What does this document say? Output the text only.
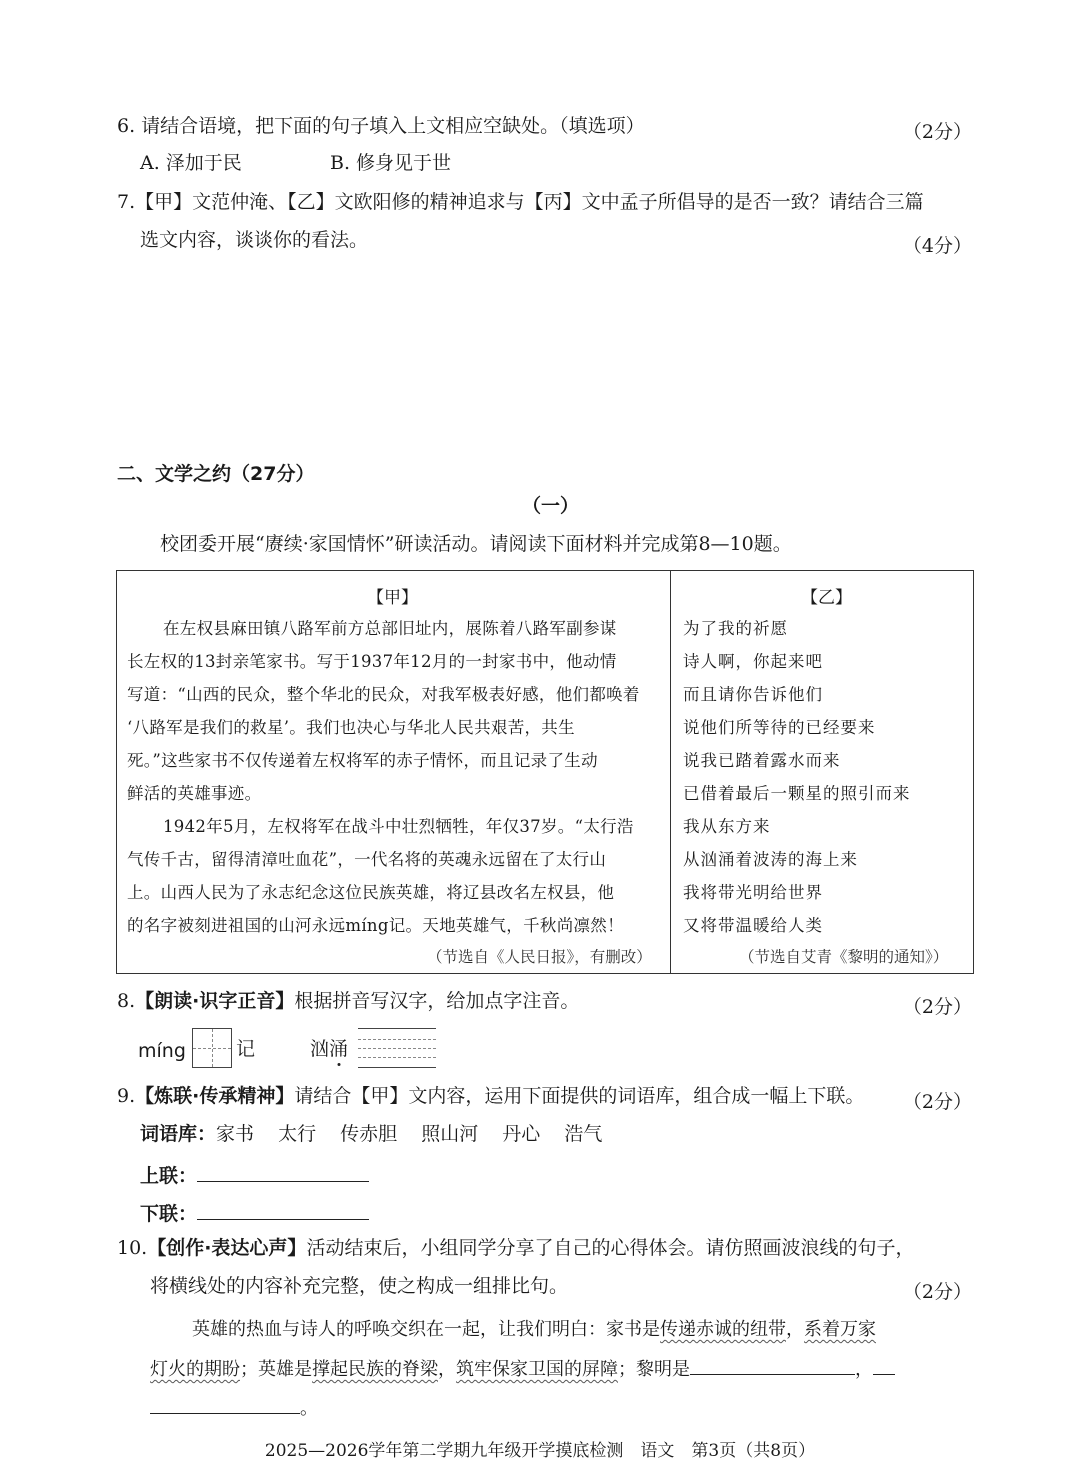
6. 请结合语境，把下面的句子填入上文相应空缺处。（填选项）	（2分）
A. 泽加于民	B. 修身见于世
7.【甲】文范仲淹、【乙】文欧阳修的精神追求与【丙】文中孟子所倡导的是否一致？请结合三篇
选文内容，谈谈你的看法。	（4分）
二、文学之约（27分）
（一）
校团委开展“赓续·家国情怀”研读活动。请阅读下面材料并完成第8—10题。
【甲】
在左权县麻田镇八路军前方总部旧址内，展陈着八路军副参谋
长左权的13封亲笔家书。写于1937年12月的一封家书中，他动情
写道：“山西的民众，整个华北的民众，对我军极表好感，他们都唤着
‘八路军是我们的救星’。我们也决心与华北人民共艰苦，共生
死。”这些家书不仅传递着左权将军的赤子情怀，而且记录了生动
鲜活的英雄事迹。
1942年5月，左权将军在战斗中壮烈牺牲，年仅37岁。“太行浩
气传千古，留得清漳吐血花”，一代名将的英魂永远留在了太行山
上。山西人民为了永志纪念这位民族英雄，将辽县改名左权县，他
的名字被刻进祖国的山河永远míng记。天地英雄气，千秋尚凛然！
（节选自《人民日报》，有删改）
【乙】
为了我的祈愿
诗人啊，你起来吧
而且请你告诉他们
说他们所等待的已经要来
说我已踏着露水而来
已借着最后一颗星的照引而来
我从东方来
从汹涌着波涛的海上来
我将带光明给世界
又将带温暖给人类
（节选自艾青《黎明的通知》）
8.【朗读·识字正音】根据拼音写汉字，给加点字注音。	（2分）
míng	记	汹涌
9.【炼联·传承精神】请结合【甲】文内容，运用下面提供的词语库，组合成一幅上下联。 （2分）
词语库：家书 太行 传赤胆 照山河 丹心 浩气
上联：
下联：
10.【创作·表达心声】活动结束后，小组同学分享了自己的心得体会。请仿照画波浪线的句子，
将横线处的内容补充完整，使之构成一组排比句。	（2分）
英雄的热血与诗人的呼唤交织在一起，让我们明白：家书是传递赤诚的纽带，系着万家
灯火的期盼；英雄是撑起民族的脊梁，筑牢保家卫国的屏障；黎明是	，
。
2025—2026学年第二学期九年级开学摸底检测　语文　第3页（共8页）
